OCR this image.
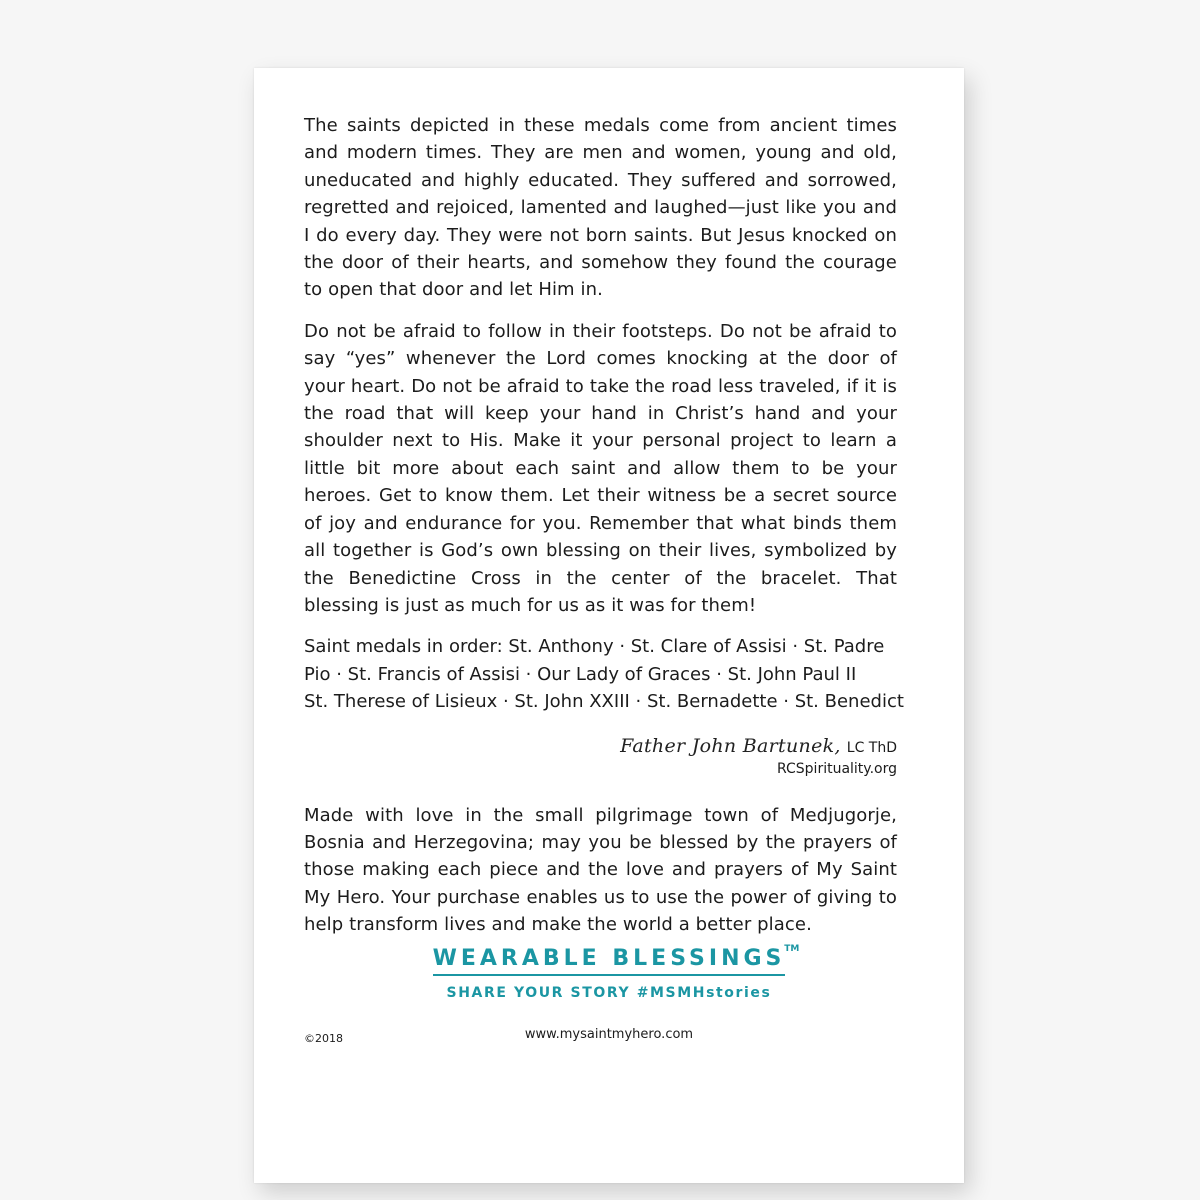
The saints depicted in these medals come from ancient times and modern times. They are men and women, young and old, uneducated and highly educated. They suffered and sorrowed, regretted and rejoiced, lamented and laughed—just like you and I do every day. They were not born saints. But Jesus knocked on the door of their hearts, and somehow they found the courage to open that door and let Him in.

Do not be afraid to follow in their footsteps. Do not be afraid to say “yes” whenever the Lord comes knocking at the door of your heart. Do not be afraid to take the road less traveled, if it is the road that will keep your hand in Christ’s hand and your shoulder next to His. Make it your personal project to learn a little bit more about each saint and allow them to be your heroes. Get to know them. Let their witness be a secret source of joy and endurance for you. Remember that what binds them all together is God’s own blessing on their lives, symbolized by the Benedictine Cross in the center of the bracelet. That blessing is just as much for us as it was for them!

Saint medals in order: St. Anthony · St. Clare of Assisi · St. Padre
Pio · St. Francis of Assisi · Our Lady of Graces · St. John Paul II
St. Therese of Lisieux · St. John XXIII · St. Bernadette · St. Benedict

Father John Bartunek, LC ThD
RCSpirituality.org

Made with love in the small pilgrimage town of Medjugorje, Bosnia and Herzegovina; may you be blessed by the prayers of those making each piece and the love and prayers of My Saint My Hero. Your purchase enables us to use the power of giving to help transform lives and make the world a better place.

WEARABLE BLESSINGS
TM
SHARE YOUR STORY #MSMHstories
©2018	www.mysaintmyhero.com
